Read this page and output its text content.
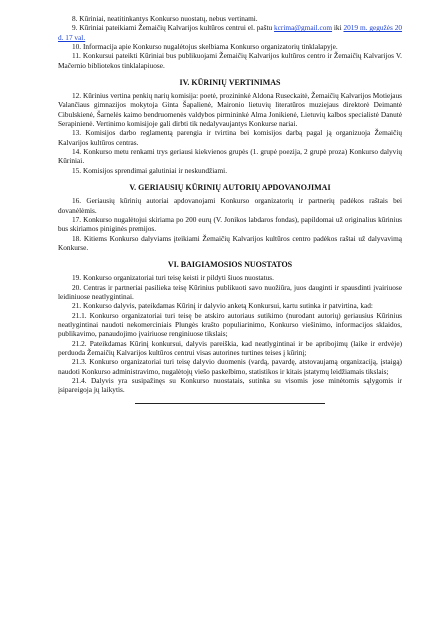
8. Kūriniai, neatitinkantys Konkurso nuostatų, nebus vertinami.

9. Kūriniai pateikiami Žemaičių Kalvarijos kultūros centrui el. paštu kcrima@gmail.com iki 2019 m. gegužės 20 d. 17 val.

10. Informacija apie Konkurso nugalėtojus skelbiama Konkurso organizatorių tinklalapyje.

11. Konkursui pateikti Kūriniai bus publikuojami Žemaičių Kalvarijos kultūros centro ir Žemaičių Kalvarijos V. Mačernio bibliotekos tinklalapiuose.

IV. KŪRINIŲ VERTINIMAS

12. Kūrinius vertina penkių narių komisija: poetė, prozininkė Aldona Ruseckaitė, Žemaičių Kalvarijos Motiejaus Valančiaus gimnazijos mokytoja Ginta Šapalienė, Maironio lietuvių literatūros muziejaus direktorė Deimantė Cibulskienė, Šarnelės kaimo bendruomenės valdybos pirmininkė Alma Jonikienė, Lietuvių kalbos specialistė Danutė Serapinienė. Vertinimo komisijoje gali dirbti tik nedalyvaujantys Konkurse nariai.

13. Komisijos darbo reglamentą parengia ir tvirtina bei komisijos darbą pagal ją organizuoja Žemaičių Kalvarijos kultūros centras.

14. Konkurso metu renkami trys geriausi kiekvienos grupės (1. grupė poezija, 2 grupė proza) Konkurso dalyvių Kūriniai.

15. Komisijos sprendimai galutiniai ir neskundžiami.

V. GERIAUSIŲ KŪRINIŲ AUTORIŲ APDOVANOJIMAI

16. Geriausių kūrinių autoriai apdovanojami Konkurso organizatorių ir partnerių padėkos raštais bei dovanėlėmis.

17. Konkurso nugalėtojui skiriama po 200 eurų (V. Jonikos labdaros fondas), papildomai už originalius kūrinius bus skiriamos piniginės premijos.

18. Kitiems Konkurso dalyviams įteikiami Žemaičių Kalvarijos kultūros centro padėkos raštai už dalyvavimą Konkurse.

VI. BAIGIAMOSIOS NUOSTATOS

19. Konkurso organizatoriai turi teisę keisti ir pildyti šiuos nuostatus.

20. Centras ir partneriai pasilieka teisę Kūrinius publikuoti savo nuožiūra, juos dauginti ir spausdinti įvairiuose leidiniuose neatlygintinai.

21. Konkurso dalyvis, pateikdamas Kūrinį ir dalyvio anketą Konkursui, kartu sutinka ir patvirtina, kad:

21.1. Konkurso organizatoriai turi teisę be atskiro autoriaus sutikimo (nurodant autorių) geriausius Kūrinius neatlygintinai naudoti nekomerciniais Plungės krašto populiarinimo, Konkurso viešinimo, informacijos sklaidos, publikavimo, panaudojimo įvairiuose renginiuose tikslais;

21.2. Pateikdamas Kūrinį konkursui, dalyvis pareiškia, kad neatlygintinai ir be apribojimų (laike ir erdvėje) perduoda Žemaičių Kalvarijos kultūros centrui visas autorines turtines teises į kūrinį;

21.3. Konkurso organizatoriai turi teisę dalyvio duomenis (vardą, pavardę, atstovaujamą organizaciją, įstaigą) naudoti Konkurso administravimo, nugalėtojų viešo paskelbimo, statistikos ir kitais įstatymų leidžiamais tikslais;

21.4. Dalyvis yra susipažinęs su Konkurso nuostatais, sutinka su visomis jose minėtomis sąlygomis ir įsipareigoja jų laikytis.
